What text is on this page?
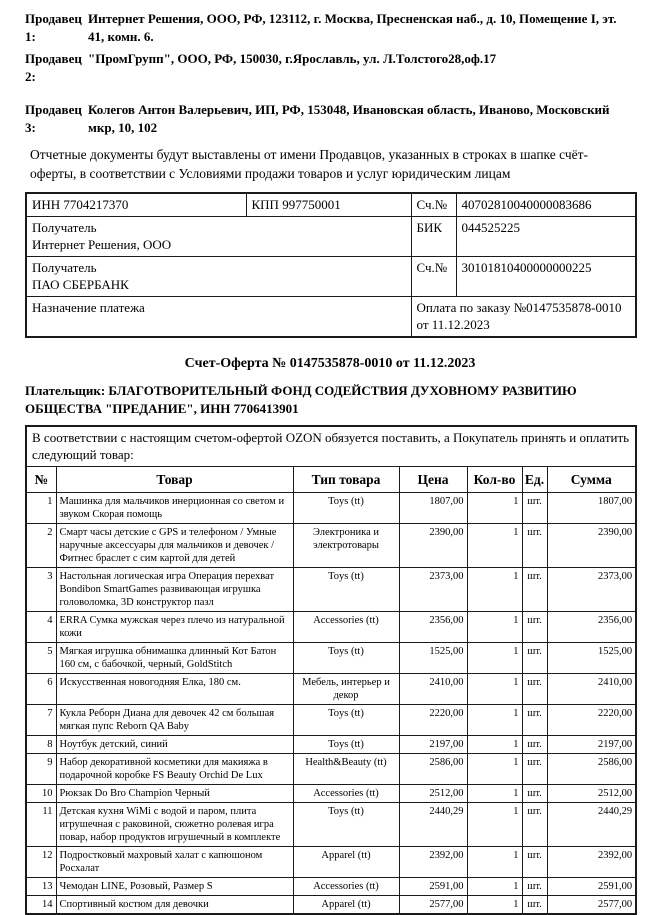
Продавец 1:
Интернет Решения, ООО, РФ, 123112, г. Москва, Пресненская наб., д. 10, Помещение I, эт. 41, комн. 6.
Продавец 2:
"ПромГрупп", ООО, РФ, 150030, г.Ярославль, ул. Л.Толстого28,оф.17
Продавец 3:
Колегов Антон Валерьевич, ИП, РФ, 153048, Ивановская область, Иваново, Московский мкр, 10, 102
Отчетные документы будут выставлены от имени Продавцов, указанных в строках в шапке счёт-оферты, в соответствии с Условиями продажи товаров и услуг юридическим лицам
ИНН 7704217370	КПП 997750001	Сч.№	40702810040000083686

Получатель
Интернет Решения, ООО		БИК	044525225

Получатель
ПАО СБЕРБАНК		Сч.№	30101810400000000225
Назначение платежа		Оплата по заказу №0147535878-0010 от 11.12.2023	
Счет-Оферта № 0147535878-0010 от 11.12.2023
Плательщик: БЛАГОТВОРИТЕЛЬНЫЙ ФОНД СОДЕЙСТВИЯ ДУХОВНОМУ РАЗВИТИЮ ОБЩЕСТВА "ПРЕДАНИЕ", ИНН 7706413901
В соответствии с настоящим счетом-офертой OZON обязуется поставить, а Покупатель принять и оплатить следующий товар:						
№	Товар	Тип товара	Цена	Кол-во	Ед.	Сумма
1	Машинка для мальчиков инерционная со светом и звуком Скорая помощь	Toys (tt)	1807,00	1	шт.	1807,00
2	Смарт часы детские с GPS и телефоном / Умные наручные аксессуары для мальчиков и девочек / Фитнес браслет с сим картой для детей	Электроника и электротовары	2390,00	1	шт.	2390,00
3	Настольная логическая игра Операция перехват Bondibon SmartGames развивающая игрушка головоломка, 3D конструктор пазл	Toys (tt)	2373,00	1	шт.	2373,00
4	ERRA Сумка мужская через плечо из натуральной кожи	Accessories (tt)	2356,00	1	шт.	2356,00
5	Мягкая игрушка обнимашка длинный Кот Батон 160 см, с бабочкой, черный, GoldStitch	Toys (tt)	1525,00	1	шт.	1525,00
6	Искусственная новогодняя Елка, 180 см.	Мебель, интерьер и декор	2410,00	1	шт.	2410,00
7	Кукла Реборн Диана для девочек 42 см большая мягкая пупс Reborn QA Baby	Toys (tt)	2220,00	1	шт.	2220,00
8	Ноутбук детский, синий	Toys (tt)	2197,00	1	шт.	2197,00
9	Набор декоративной косметики для макияжа в подарочной коробке FS Beauty Orchid De Lux	Health&Beauty (tt)	2586,00	1	шт.	2586,00
10	Рюкзак Do Bro Champion Черный	Accessories (tt)	2512,00	1	шт.	2512,00
11	Детская кухня WiMi с водой и паром, плита игрушечная с раковиной, сюжетно ролевая игра повар, набор продуктов игрушечный в комплекте	Toys (tt)	2440,29	1	шт.	2440,29
12	Подростковый махровый халат с капюшоном Росхалат	Apparel (tt)	2392,00	1	шт.	2392,00
13	Чемодан LINE, Розовый, Размер S	Accessories (tt)	2591,00	1	шт.	2591,00
14	Спортивный костюм для девочки	Apparel (tt)	2577,00	1	шт.	2577,00
